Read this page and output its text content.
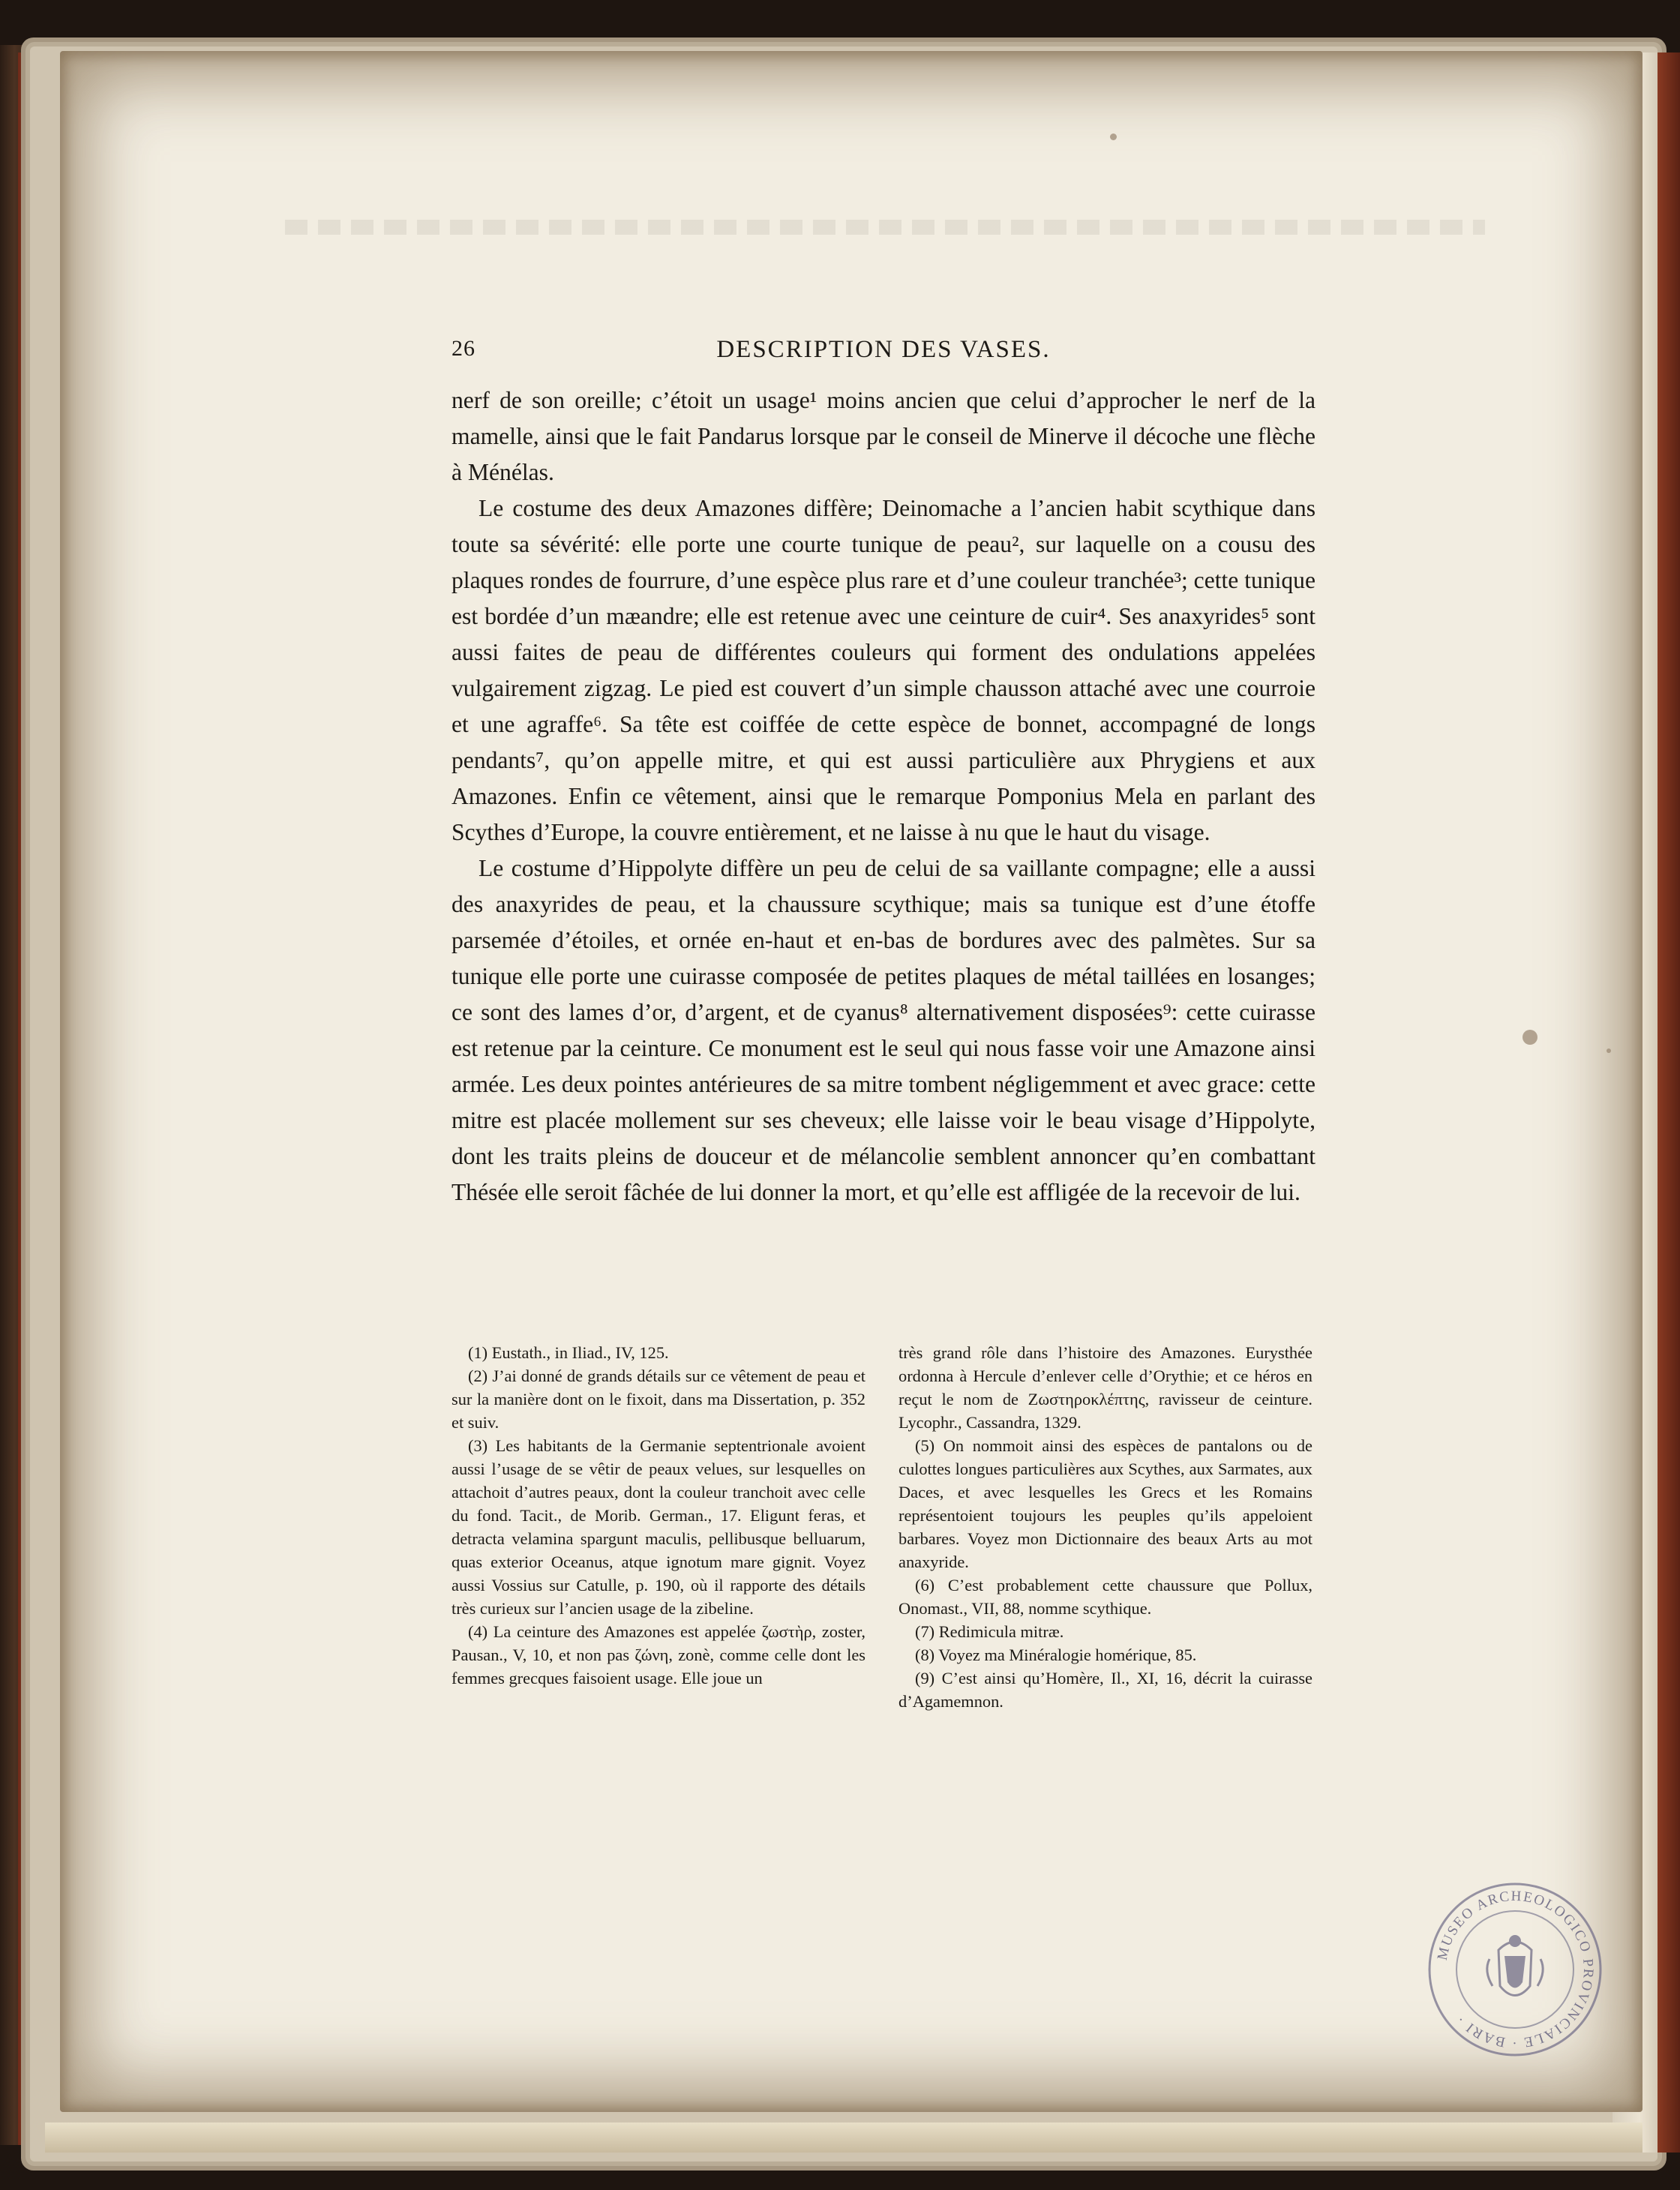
26	DESCRIPTION DES VASES.

nerf de son oreille; c’étoit un usage¹ moins ancien que celui d’approcher le nerf de la mamelle, ainsi que le fait Pandarus lorsque par le conseil de Minerve il décoche une flèche à Ménélas.

Le costume des deux Amazones diffère; Deinomache a l’ancien habit scythique dans toute sa sévérité: elle porte une courte tunique de peau², sur laquelle on a cousu des plaques rondes de fourrure, d’une espèce plus rare et d’une couleur tranchée³; cette tunique est bordée d’un mæandre; elle est retenue avec une ceinture de cuir⁴. Ses anaxyrides⁵ sont aussi faites de peau de différentes couleurs qui forment des ondulations appelées vulgairement zigzag. Le pied est couvert d’un simple chausson attaché avec une courroie et une agraffe⁶. Sa tête est coiffée de cette espèce de bonnet, accompagné de longs pendants⁷, qu’on appelle mitre, et qui est aussi particulière aux Phrygiens et aux Amazones. Enfin ce vêtement, ainsi que le remarque Pomponius Mela en parlant des Scythes d’Europe, la couvre entièrement, et ne laisse à nu que le haut du visage.

Le costume d’Hippolyte diffère un peu de celui de sa vaillante compagne; elle a aussi des anaxyrides de peau, et la chaussure scythique; mais sa tunique est d’une étoffe parsemée d’étoiles, et ornée en-haut et en-bas de bordures avec des palmètes. Sur sa tunique elle porte une cuirasse composée de petites plaques de métal taillées en losanges; ce sont des lames d’or, d’argent, et de cyanus⁸ alternativement disposées⁹: cette cuirasse est retenue par la ceinture. Ce monument est le seul qui nous fasse voir une Amazone ainsi armée. Les deux pointes antérieures de sa mitre tombent négligemment et avec grace: cette mitre est placée mollement sur ses cheveux; elle laisse voir le beau visage d’Hippolyte, dont les traits pleins de douceur et de mélancolie semblent annoncer qu’en combattant Thésée elle seroit fâchée de lui donner la mort, et qu’elle est affligée de la recevoir de lui.

(1) Eustath., in Iliad., IV, 125.

(2) J’ai donné de grands détails sur ce vêtement de peau et sur la manière dont on le fixoit, dans ma Dissertation, p. 352 et suiv.

(3) Les habitants de la Germanie septentrionale avoient aussi l’usage de se vêtir de peaux velues, sur lesquelles on attachoit d’autres peaux, dont la couleur tranchoit avec celle du fond. Tacit., de Morib. German., 17. Eligunt feras, et detracta velamina spargunt maculis, pellibusque belluarum, quas exterior Oceanus, atque ignotum mare gignit. Voyez aussi Vossius sur Catulle, p. 190, où il rapporte des détails très curieux sur l’ancien usage de la zibeline.

(4) La ceinture des Amazones est appelée ζωστὴρ, zoster, Pausan., V, 10, et non pas ζώνη, zonè, comme celle dont les femmes grecques faisoient usage. Elle joue un

très grand rôle dans l’histoire des Amazones. Eurysthée ordonna à Hercule d’enlever celle d’Orythie; et ce héros en reçut le nom de Ζωστηροκλέπτης, ravisseur de ceinture. Lycophr., Cassandra, 1329.

(5) On nommoit ainsi des espèces de pantalons ou de culottes longues particulières aux Scythes, aux Sarmates, aux Daces, et avec lesquelles les Grecs et les Romains représentoient toujours les peuples qu’ils appeloient barbares. Voyez mon Dictionnaire des beaux Arts au mot anaxyride.

(6) C’est probablement cette chaussure que Pollux, Onomast., VII, 88, nomme scythique.

(7) Redimicula mitræ.

(8) Voyez ma Minéralogie homérique, 85.

(9) C’est ainsi qu’Homère, Il., XI, 16, décrit la cuirasse d’Agamemnon.

MUSEO ARCHEOLOGICO PROVINCIALE · BARI ·
